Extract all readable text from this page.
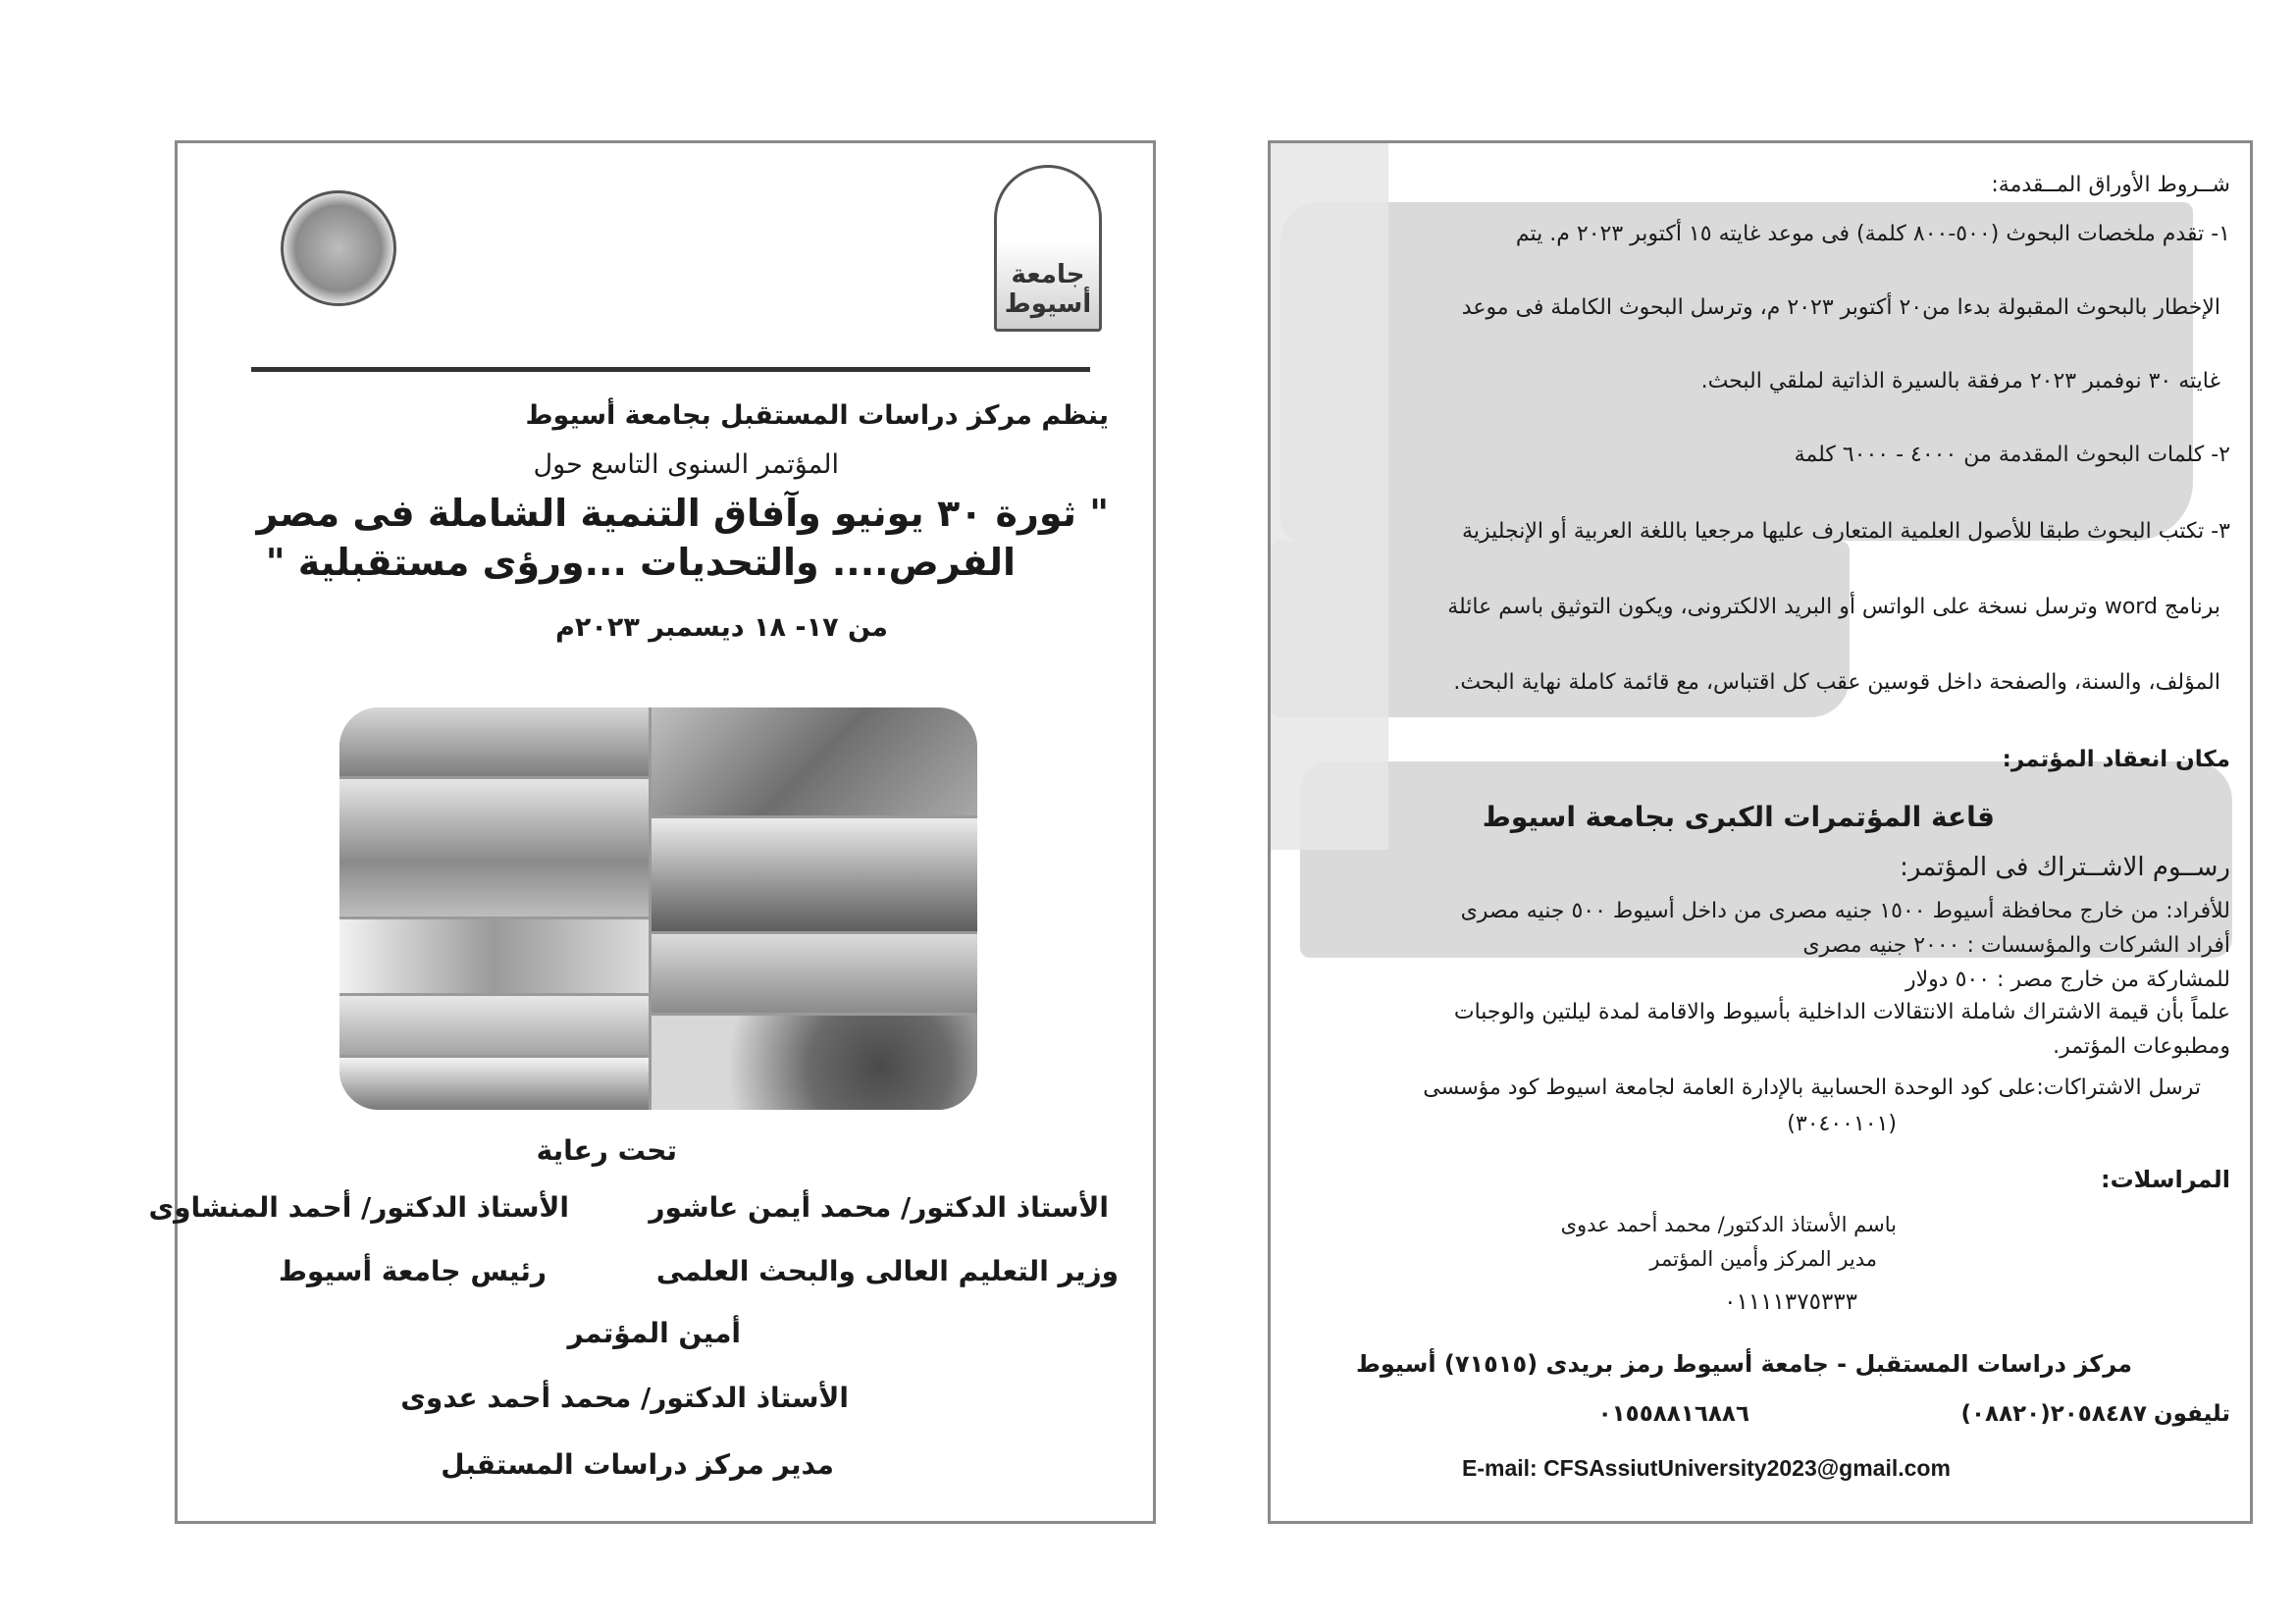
جامعة أسيوط
ينظم مركز دراسات المستقبل بجامعة أسيوط
المؤتمر السنوى التاسع حول
" ثورة ٣٠ يونيو وآفاق التنمية الشاملة فى مصر
الفرص.... والتحديات ...ورؤى مستقبلية "
من ١٧- ١٨ ديسمبر ٢٠٢٣م
تحت رعاية
الأستاذ الدكتور/ محمد أيمن عاشور
الأستاذ الدكتور/ أحمد المنشاوى
وزير التعليم العالى والبحث العلمى
رئيس جامعة أسيوط
أمين المؤتمر
الأستاذ الدكتور/ محمد أحمد عدوى
مدير مركز دراسات المستقبل
شــروط الأوراق المــقدمة:
١- تقدم ملخصات البحوث (٥٠٠-٨٠٠ كلمة) فى موعد غايته ١٥ أكتوبر ٢٠٢٣ م. يتم
الإخطار بالبحوث المقبولة بدءا من٢٠ أكتوبر ٢٠٢٣ م، وترسل البحوث الكاملة فى موعد
غايته ٣٠ نوفمبر ٢٠٢٣ مرفقة بالسيرة الذاتية لملقي البحث.
٢- كلمات البحوث المقدمة من ٤٠٠٠ - ٦٠٠٠ كلمة
٣- تكتب البحوث طبقا للأصول العلمية المتعارف عليها مرجعيا باللغة العربية أو الإنجليزية
برنامج word وترسل نسخة على الواتس أو البريد الالكترونى، ويكون التوثيق باسم عائلة
المؤلف، والسنة، والصفحة داخل قوسين عقب كل اقتباس، مع قائمة كاملة نهاية البحث.
مكان انعقاد المؤتمر:
قاعة المؤتمرات الكبرى بجامعة اسيوط
رســوم الاشــتراك فى المؤتمر:
للأفراد: من خارج محافظة أسيوط ١٥٠٠ جنيه مصرى من داخل أسيوط ٥٠٠ جنيه مصرى
أفراد الشركات والمؤسسات : ٢٠٠٠ جنيه مصرى
للمشاركة من خارج مصر : ٥٠٠ دولار
علماً بأن قيمة الاشتراك شاملة الانتقالات الداخلية بأسيوط والاقامة لمدة ليلتين والوجبات
ومطبوعات المؤتمر.
ترسل الاشتراكات:على كود الوحدة الحسابية بالإدارة العامة لجامعة اسيوط كود مؤسسى
(٣٠٤٠٠١٠١)
المراسلات:
باسم الأستاذ الدكتور/ محمد أحمد عدوى
مدير المركز وأمين المؤتمر
٠١١١١٣٧٥٣٣٣
مركز دراسات المستقبل - جامعة أسيوط رمز بريدى (٧١٥١٥) أسيوط
تليفون
٢٠٥٨٤٨٧(٠٨٨٢٠)
٠١٥٥٨٨١٦٨٨٦
E-mail: CFSAssiutUniversity2023@gmail.com
